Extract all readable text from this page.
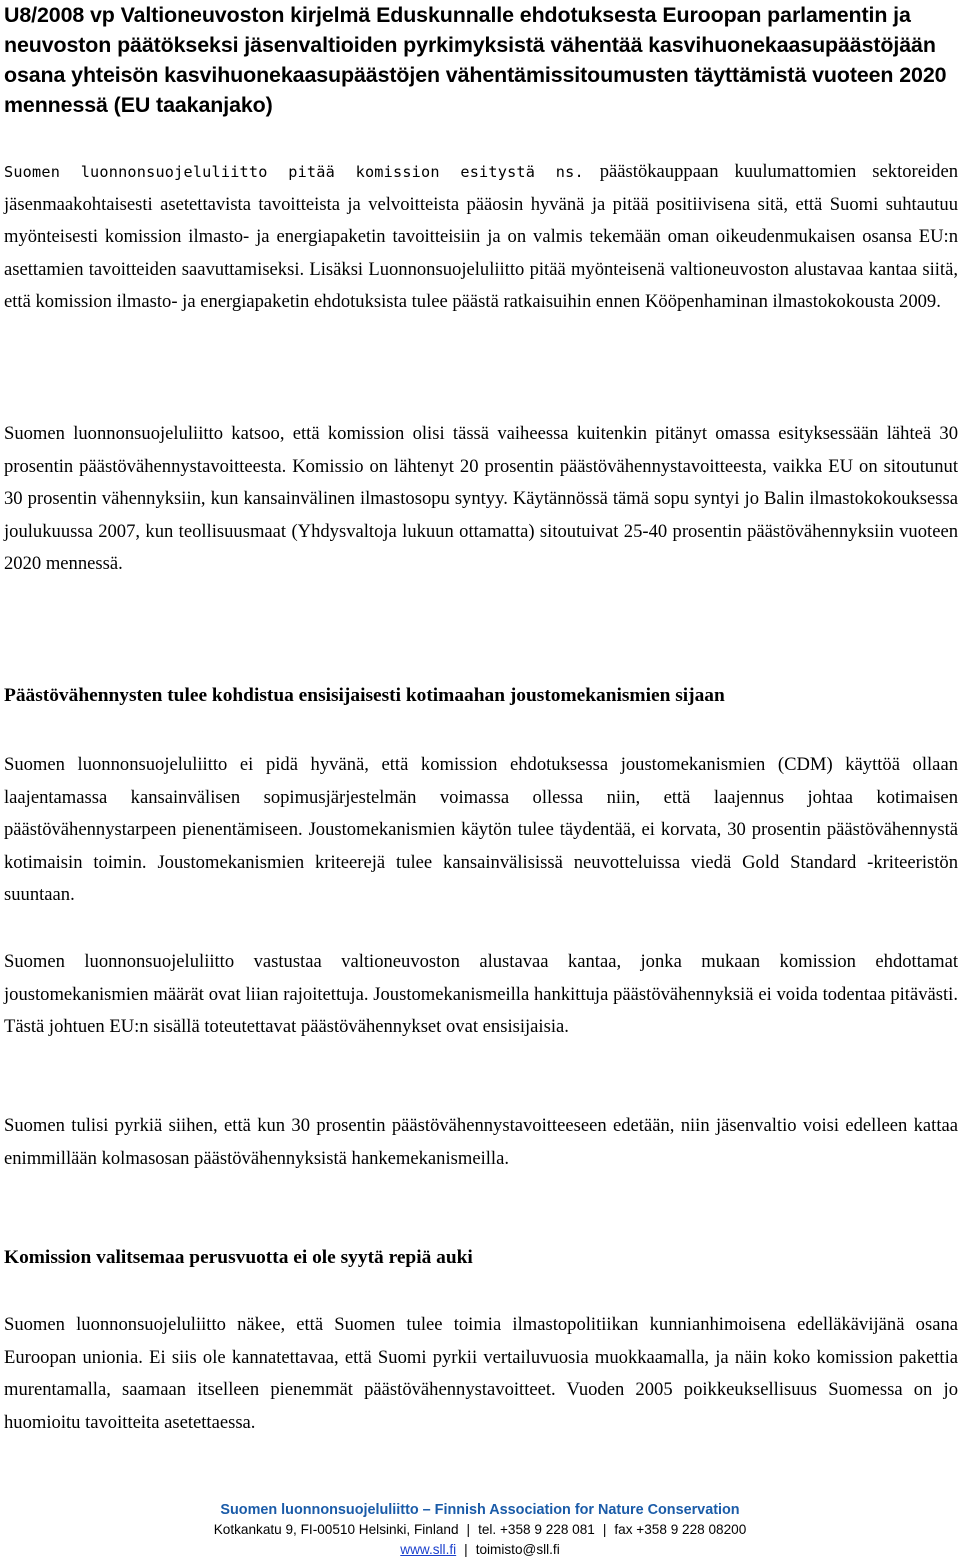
U8/2008 vp Valtioneuvoston kirjelmä Eduskunnalle ehdotuksesta Euroopan parlamentin ja neuvoston päätökseksi jäsenvaltioiden pyrkimyksistä vähentää kasvihuonekaasupäästöjään osana yhteisön kasvihuonekaasupäästöjen vähentämissitoumusten täyttämistä vuoteen 2020 mennessä (EU taakanjako)

Suomen luonnonsuojeluliitto pitää komission esitystä ns. päästökauppaan kuulumattomien sektoreiden jäsenmaakohtaisesti asetettavista tavoitteista ja velvoitteista pääosin hyvänä ja pitää positiivisena sitä, että Suomi suhtautuu myönteisesti komission ilmasto- ja energiapaketin tavoitteisiin ja on valmis tekemään oman oikeudenmukaisen osansa EU:n asettamien tavoitteiden saavuttamiseksi. Lisäksi Luonnonsuojeluliitto pitää myönteisenä valtioneuvoston alustavaa kantaa siitä, että komission ilmasto- ja energiapaketin ehdotuksista tulee päästä ratkaisuihin ennen Kööpenhaminan ilmastokokousta 2009.

Suomen luonnonsuojeluliitto katsoo, että komission olisi tässä vaiheessa kuitenkin pitänyt omassa esityksessään lähteä 30 prosentin päästövähennystavoitteesta. Komissio on lähtenyt 20 prosentin päästövähennystavoitteesta, vaikka EU on sitoutunut 30 prosentin vähennyksiin, kun kansainvälinen ilmastosopu syntyy. Käytännössä tämä sopu syntyi jo Balin ilmastokokouksessa joulukuussa 2007, kun teollisuusmaat (Yhdysvaltoja lukuun ottamatta) sitoutuivat 25-40 prosentin päästövähennyksiin vuoteen 2020 mennessä.

Päästövähennysten tulee kohdistua ensisijaisesti kotimaahan joustomekanismien sijaan

Suomen luonnonsuojeluliitto ei pidä hyvänä, että komission ehdotuksessa joustomekanismien (CDM) käyttöä ollaan laajentamassa kansainvälisen sopimusjärjestelmän voimassa ollessa niin, että laajennus johtaa kotimaisen päästövähennystarpeen pienentämiseen. Joustomekanismien käytön tulee täydentää, ei korvata, 30 prosentin päästövähennystä kotimaisin toimin. Joustomekanismien kriteerejä tulee kansainvälisissä neuvotteluissa viedä Gold Standard -kriteeristön suuntaan.

Suomen luonnonsuojeluliitto vastustaa valtioneuvoston alustavaa kantaa, jonka mukaan komission ehdottamat joustomekanismien määrät ovat liian rajoitettuja. Joustomekanismeilla hankittuja päästövähennyksiä ei voida todentaa pitävästi. Tästä johtuen EU:n sisällä toteutettavat päästövähennykset ovat ensisijaisia.

Suomen tulisi pyrkiä siihen, että kun 30 prosentin päästövähennystavoitteeseen edetään, niin jäsenvaltio voisi edelleen kattaa enimmillään kolmasosan päästövähennyksistä hankemekanismeilla.

Komission valitsemaa perusvuotta ei ole syytä repiä auki

Suomen luonnonsuojeluliitto näkee, että Suomen tulee toimia ilmastopolitiikan kunnianhimoisena edelläkävijänä osana Euroopan unionia. Ei siis ole kannatettavaa, että Suomi pyrkii vertailuvuosia muokkaamalla, ja näin koko komission pakettia murentamalla, saamaan itselleen pienemmät päästövähennystavoitteet. Vuoden 2005 poikkeuksellisuus Suomessa on jo huomioitu tavoitteita asetettaessa.

Suomen luonnonsuojeluliitto – Finnish Association for Nature Conservation
Kotkankatu 9, FI-00510 Helsinki, Finland | tel. +358 9 228 081 | fax +358 9 228 08200
www.sll.fi | toimisto@sll.fi
